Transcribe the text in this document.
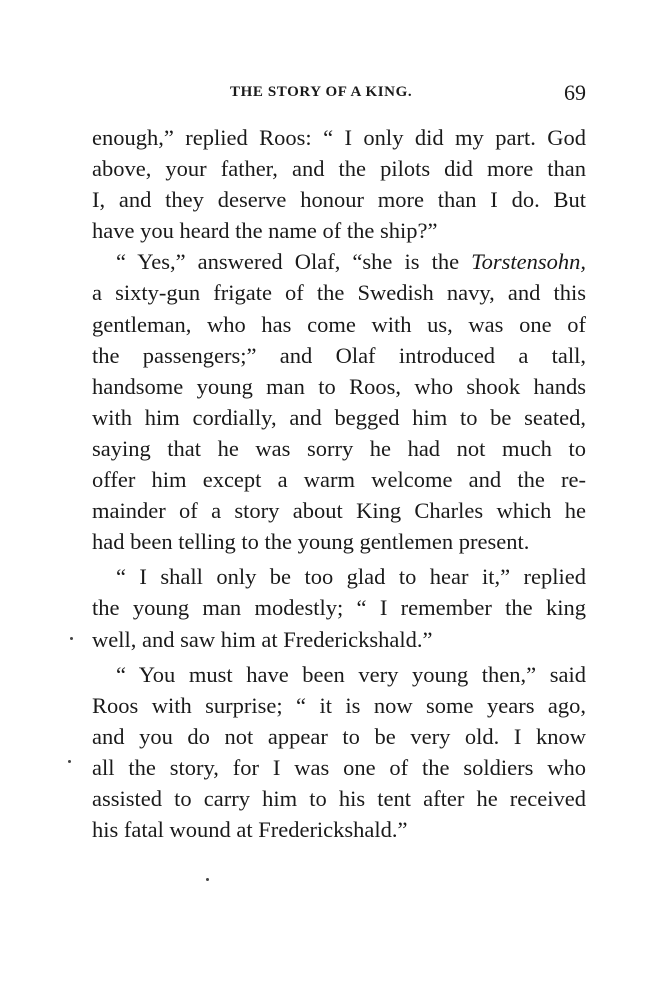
THE STORY OF A KING.	69
enough,” replied Roos: “ I only did my part. God
above, your father, and the pilots did more than
I, and they deserve honour more than I do. But
have you heard the name of the ship?”
“ Yes,” answered Olaf, “she is the Torstensohn,
a sixty-gun frigate of the Swedish navy, and this
gentleman, who has come with us, was one of
the passengers;” and Olaf introduced a tall,
handsome young man to Roos, who shook hands
with him cordially, and begged him to be seated,
saying that he was sorry he had not much to
offer him except a warm welcome and the re-
mainder of a story about King Charles which he
had been telling to the young gentlemen present.
“ I shall only be too glad to hear it,” replied
the young man modestly; “ I remember the king
well, and saw him at Frederickshald.”
“ You must have been very young then,” said
Roos with surprise; “ it is now some years ago,
and you do not appear to be very old. I know
all the story, for I was one of the soldiers who
assisted to carry him to his tent after he received
his fatal wound at Frederickshald.”
